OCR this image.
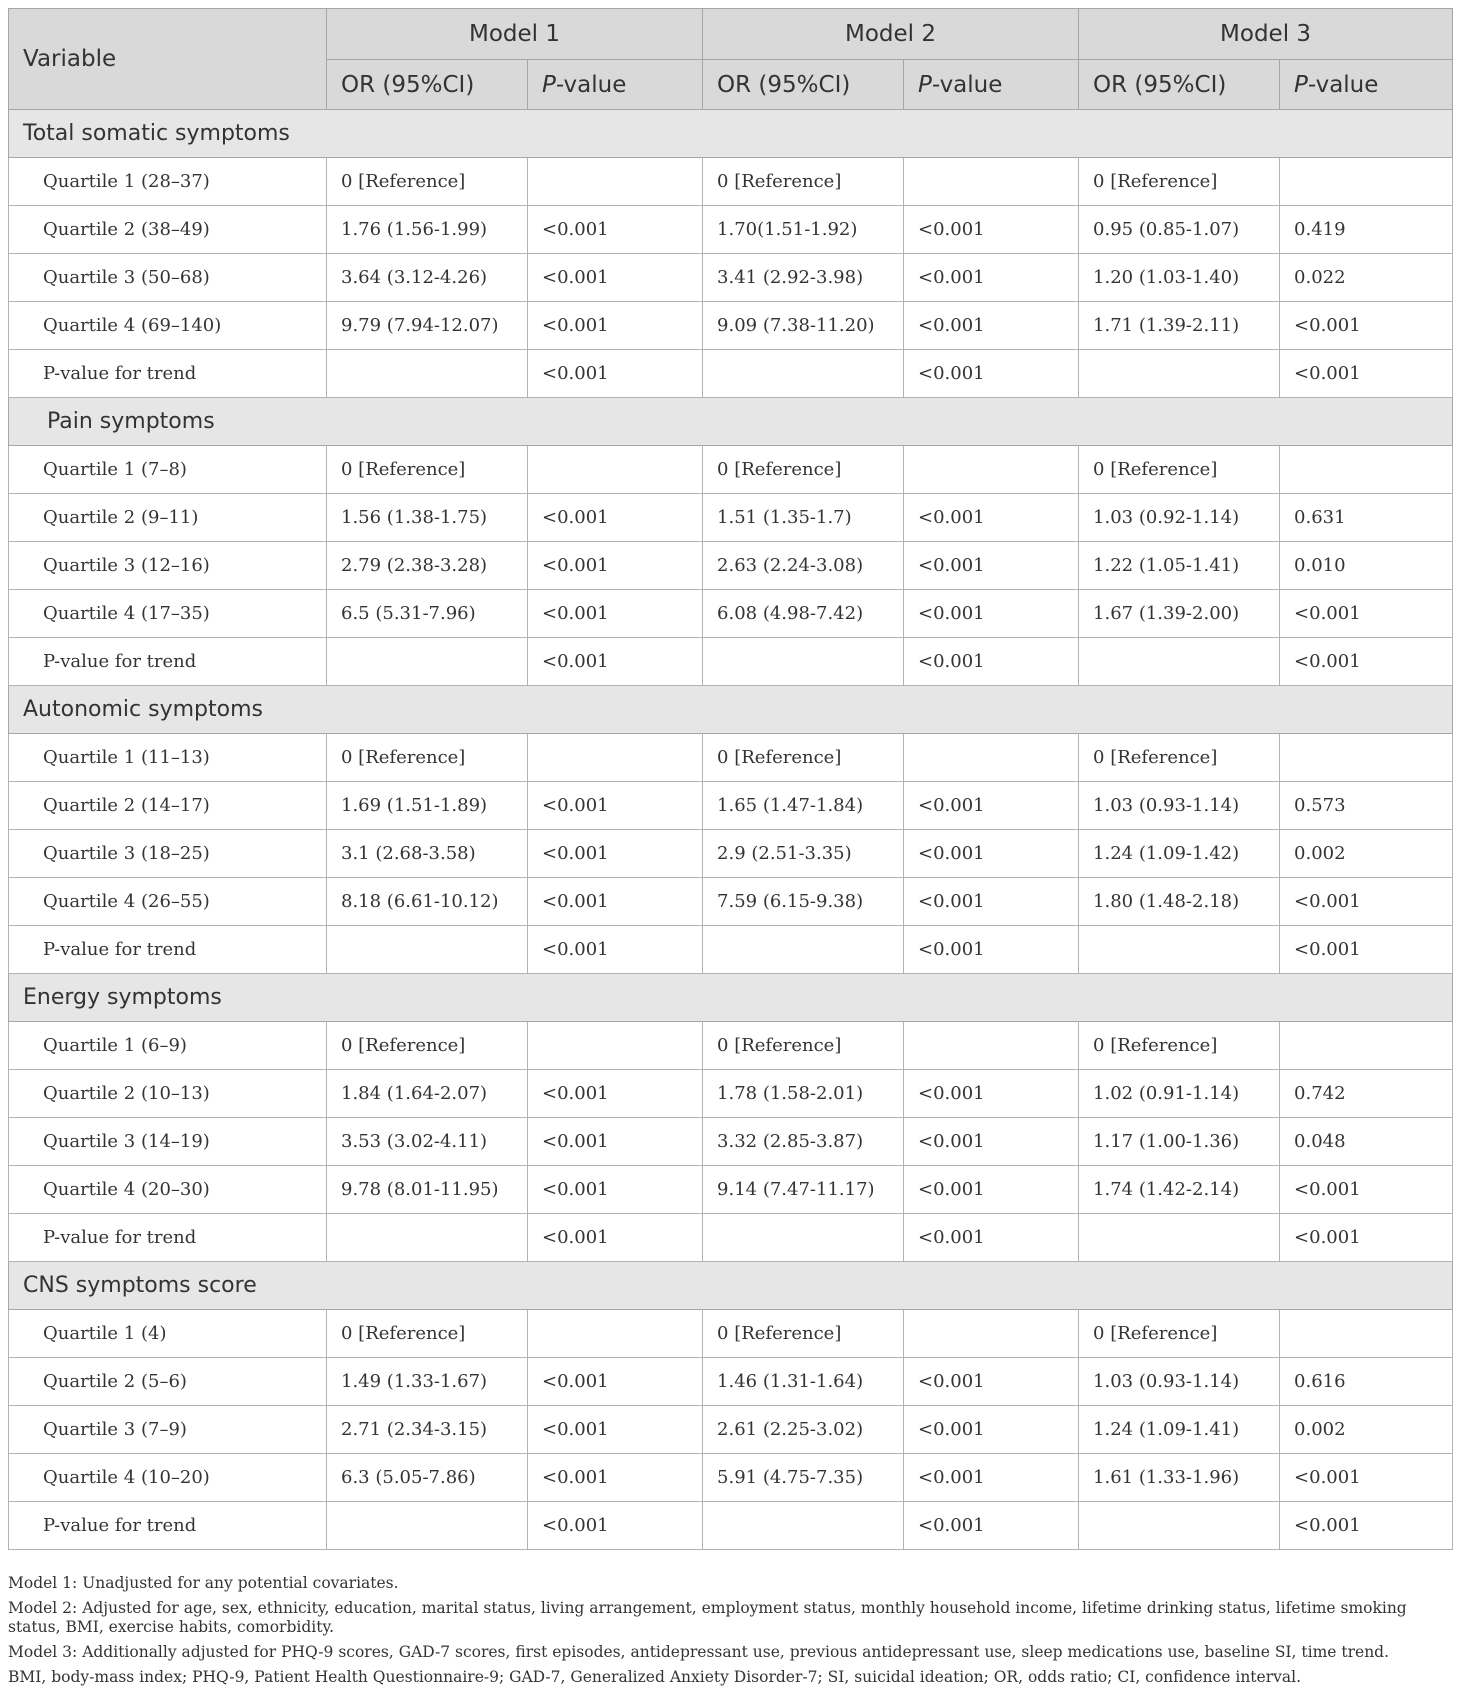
Variable	Model 1		Model 2		Model 3	
	OR (95%CI)	P-value	OR (95%CI)	P-value	OR (95%CI)	P-value
Total somatic symptoms						
Quartile 1 (28–37)	0 [Reference]		0 [Reference]		0 [Reference]	
Quartile 2 (38–49)	1.76 (1.56-1.99)	<0.001	1.70(1.51-1.92)	<0.001	0.95 (0.85-1.07)	0.419
Quartile 3 (50–68)	3.64 (3.12-4.26)	<0.001	3.41 (2.92-3.98)	<0.001	1.20 (1.03-1.40)	0.022
Quartile 4 (69–140)	9.79 (7.94-12.07)	<0.001	9.09 (7.38-11.20)	<0.001	1.71 (1.39-2.11)	<0.001
P-value for trend		<0.001		<0.001		<0.001
Pain symptoms						
Quartile 1 (7–8)	0 [Reference]		0 [Reference]		0 [Reference]	
Quartile 2 (9–11)	1.56 (1.38-1.75)	<0.001	1.51 (1.35-1.7)	<0.001	1.03 (0.92-1.14)	0.631
Quartile 3 (12–16)	2.79 (2.38-3.28)	<0.001	2.63 (2.24-3.08)	<0.001	1.22 (1.05-1.41)	0.010
Quartile 4 (17–35)	6.5 (5.31-7.96)	<0.001	6.08 (4.98-7.42)	<0.001	1.67 (1.39-2.00)	<0.001
P-value for trend		<0.001		<0.001		<0.001
Autonomic symptoms						
Quartile 1 (11–13)	0 [Reference]		0 [Reference]		0 [Reference]	
Quartile 2 (14–17)	1.69 (1.51-1.89)	<0.001	1.65 (1.47-1.84)	<0.001	1.03 (0.93-1.14)	0.573
Quartile 3 (18–25)	3.1 (2.68-3.58)	<0.001	2.9 (2.51-3.35)	<0.001	1.24 (1.09-1.42)	0.002
Quartile 4 (26–55)	8.18 (6.61-10.12)	<0.001	7.59 (6.15-9.38)	<0.001	1.80 (1.48-2.18)	<0.001
P-value for trend		<0.001		<0.001		<0.001
Energy symptoms						
Quartile 1 (6–9)	0 [Reference]		0 [Reference]		0 [Reference]	
Quartile 2 (10–13)	1.84 (1.64-2.07)	<0.001	1.78 (1.58-2.01)	<0.001	1.02 (0.91-1.14)	0.742
Quartile 3 (14–19)	3.53 (3.02-4.11)	<0.001	3.32 (2.85-3.87)	<0.001	1.17 (1.00-1.36)	0.048
Quartile 4 (20–30)	9.78 (8.01-11.95)	<0.001	9.14 (7.47-11.17)	<0.001	1.74 (1.42-2.14)	<0.001
P-value for trend		<0.001		<0.001		<0.001
CNS symptoms score						
Quartile 1 (4)	0 [Reference]		0 [Reference]		0 [Reference]	
Quartile 2 (5–6)	1.49 (1.33-1.67)	<0.001	1.46 (1.31-1.64)	<0.001	1.03 (0.93-1.14)	0.616
Quartile 3 (7–9)	2.71 (2.34-3.15)	<0.001	2.61 (2.25-3.02)	<0.001	1.24 (1.09-1.41)	0.002
Quartile 4 (10–20)	6.3 (5.05-7.86)	<0.001	5.91 (4.75-7.35)	<0.001	1.61 (1.33-1.96)	<0.001
P-value for trend		<0.001		<0.001		<0.001

Model 1: Unadjusted for any potential covariates.

Model 2: Adjusted for age, sex, ethnicity, education, marital status, living arrangement, employment status, monthly household income, lifetime drinking status, lifetime smoking status, BMI, exercise habits, comorbidity.

Model 3: Additionally adjusted for PHQ-9 scores, GAD-7 scores, first episodes, antidepressant use, previous antidepressant use, sleep medications use, baseline SI, time trend.

BMI, body-mass index; PHQ-9, Patient Health Questionnaire-9; GAD-7, Generalized Anxiety Disorder-7; SI, suicidal ideation; OR, odds ratio; CI, confidence interval.
